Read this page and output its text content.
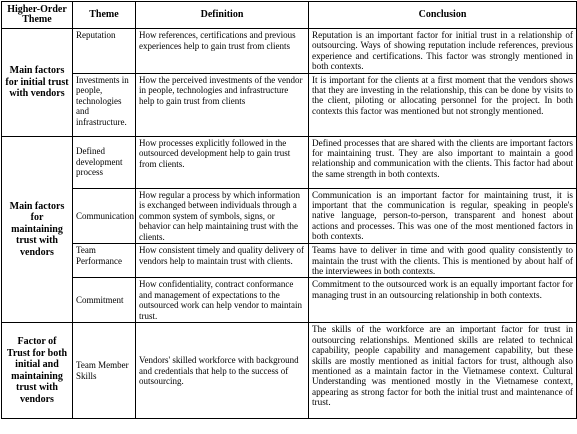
Higher-Order Theme	Theme	Definition	Conclusion
Main factors for initial trust with vendors	Reputation	How references, certifications and previous experiences help to gain trust from clients	Reputation is an important factor for initial trust in a relationship of outsourcing. Ways of showing reputation include references, previous experience and certifications. This factor was strongly mentioned in both contexts.
	Investments in people, technologies and infrastructure.	How the perceived investments of the vendor in people, technologies and infrastructure help to gain trust from clients	It is important for the clients at a first moment that the vendors shows that they are investing in the relationship, this can be done by visits to the client, piloting or allocating personnel for the project. In both contexts this factor was mentioned but not strongly mentioned.
Main factors for maintaining trust with vendors	Defined development process	How processes explicitly followed in the outsourced development help to gain trust from clients.	Defined processes that are shared with the clients are important factors for maintaining trust. They are also important to maintain a good relationship and communication with the clients. This factor had about the same strength in both contexts.
	Communication	How regular a process by which information is exchanged between individuals through a common system of symbols, signs, or behavior can help maintaining trust with the clients.	Communication is an important factor for maintaining trust, it is important that the communication is regular, speaking in people's native language, person-to-person, transparent and honest about actions and processes. This was one of the most mentioned factors in both contexts.
	Team Performance	How consistent timely and quality delivery of vendors help to maintain trust with clients.	Teams have to deliver in time and with good quality consistently to maintain the trust with the clients. This is mentioned by about half of the interviewees in both contexts.
	Commitment	How confidentiality, contract conformance and management of expectations to the outsourced work can help vendor to maintain trust.	Commitment to the outsourced work is an equally important factor for managing trust in an outsourcing relationship in both contexts.
Factor of Trust for both initial and maintaining trust with vendors	Team Member Skills	Vendors' skilled workforce with background and credentials that help to the success of outsourcing.	The skills of the workforce are an important factor for trust in outsourcing relationships. Mentioned skills are related to technical capability, people capability and management capability, but these skills are mostly mentioned as initial factors for trust, although also mentioned as a maintain factor in the Vietnamese context. Cultural Understanding was mentioned mostly in the Vietnamese context, appearing as strong factor for both the initial trust and maintenance of trust.
